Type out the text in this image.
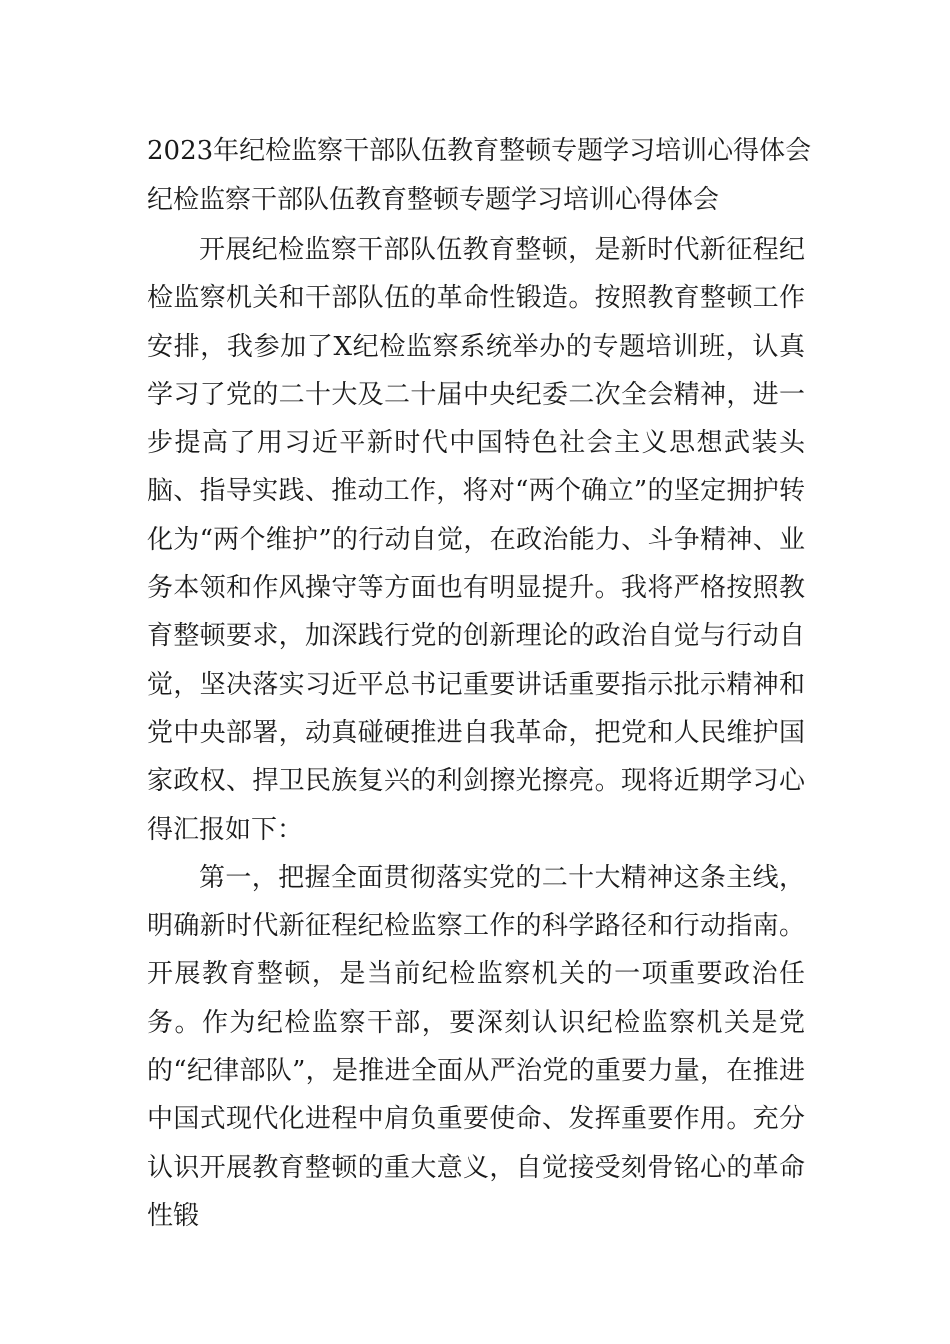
2023年纪检监察干部队伍教育整顿专题学习培训心得体会
纪检监察干部队伍教育整顿专题学习培训心得体会

开展纪检监察干部队伍教育整顿，是新时代新征程纪检监察机关和干部队伍的革命性锻造。按照教育整顿工作安排，我参加了X纪检监察系统举办的专题培训班，认真学习了党的二十大及二十届中央纪委二次全会精神，进一步提高了用习近平新时代中国特色社会主义思想武装头脑、指导实践、推动工作，将对“两个确立”的坚定拥护转化为“两个维护”的行动自觉，在政治能力、斗争精神、业务本领和作风操守等方面也有明显提升。我将严格按照教育整顿要求，加深践行党的创新理论的政治自觉与行动自觉，坚决落实习近平总书记重要讲话重要指示批示精神和党中央部署，动真碰硬推进自我革命，把党和人民维护国家政权、捍卫民族复兴的利剑擦光擦亮。现将近期学习心得汇报如下：

第一，把握全面贯彻落实党的二十大精神这条主线，明确新时代新征程纪检监察工作的科学路径和行动指南。开展教育整顿，是当前纪检监察机关的一项重要政治任务。作为纪检监察干部，要深刻认识纪检监察机关是党的“纪律部队”，是推进全面从严治党的重要力量，在推进中国式现代化进程中肩负重要使命、发挥重要作用。充分认识开展教育整顿的重大意义，自觉接受刻骨铭心的革命性锻
